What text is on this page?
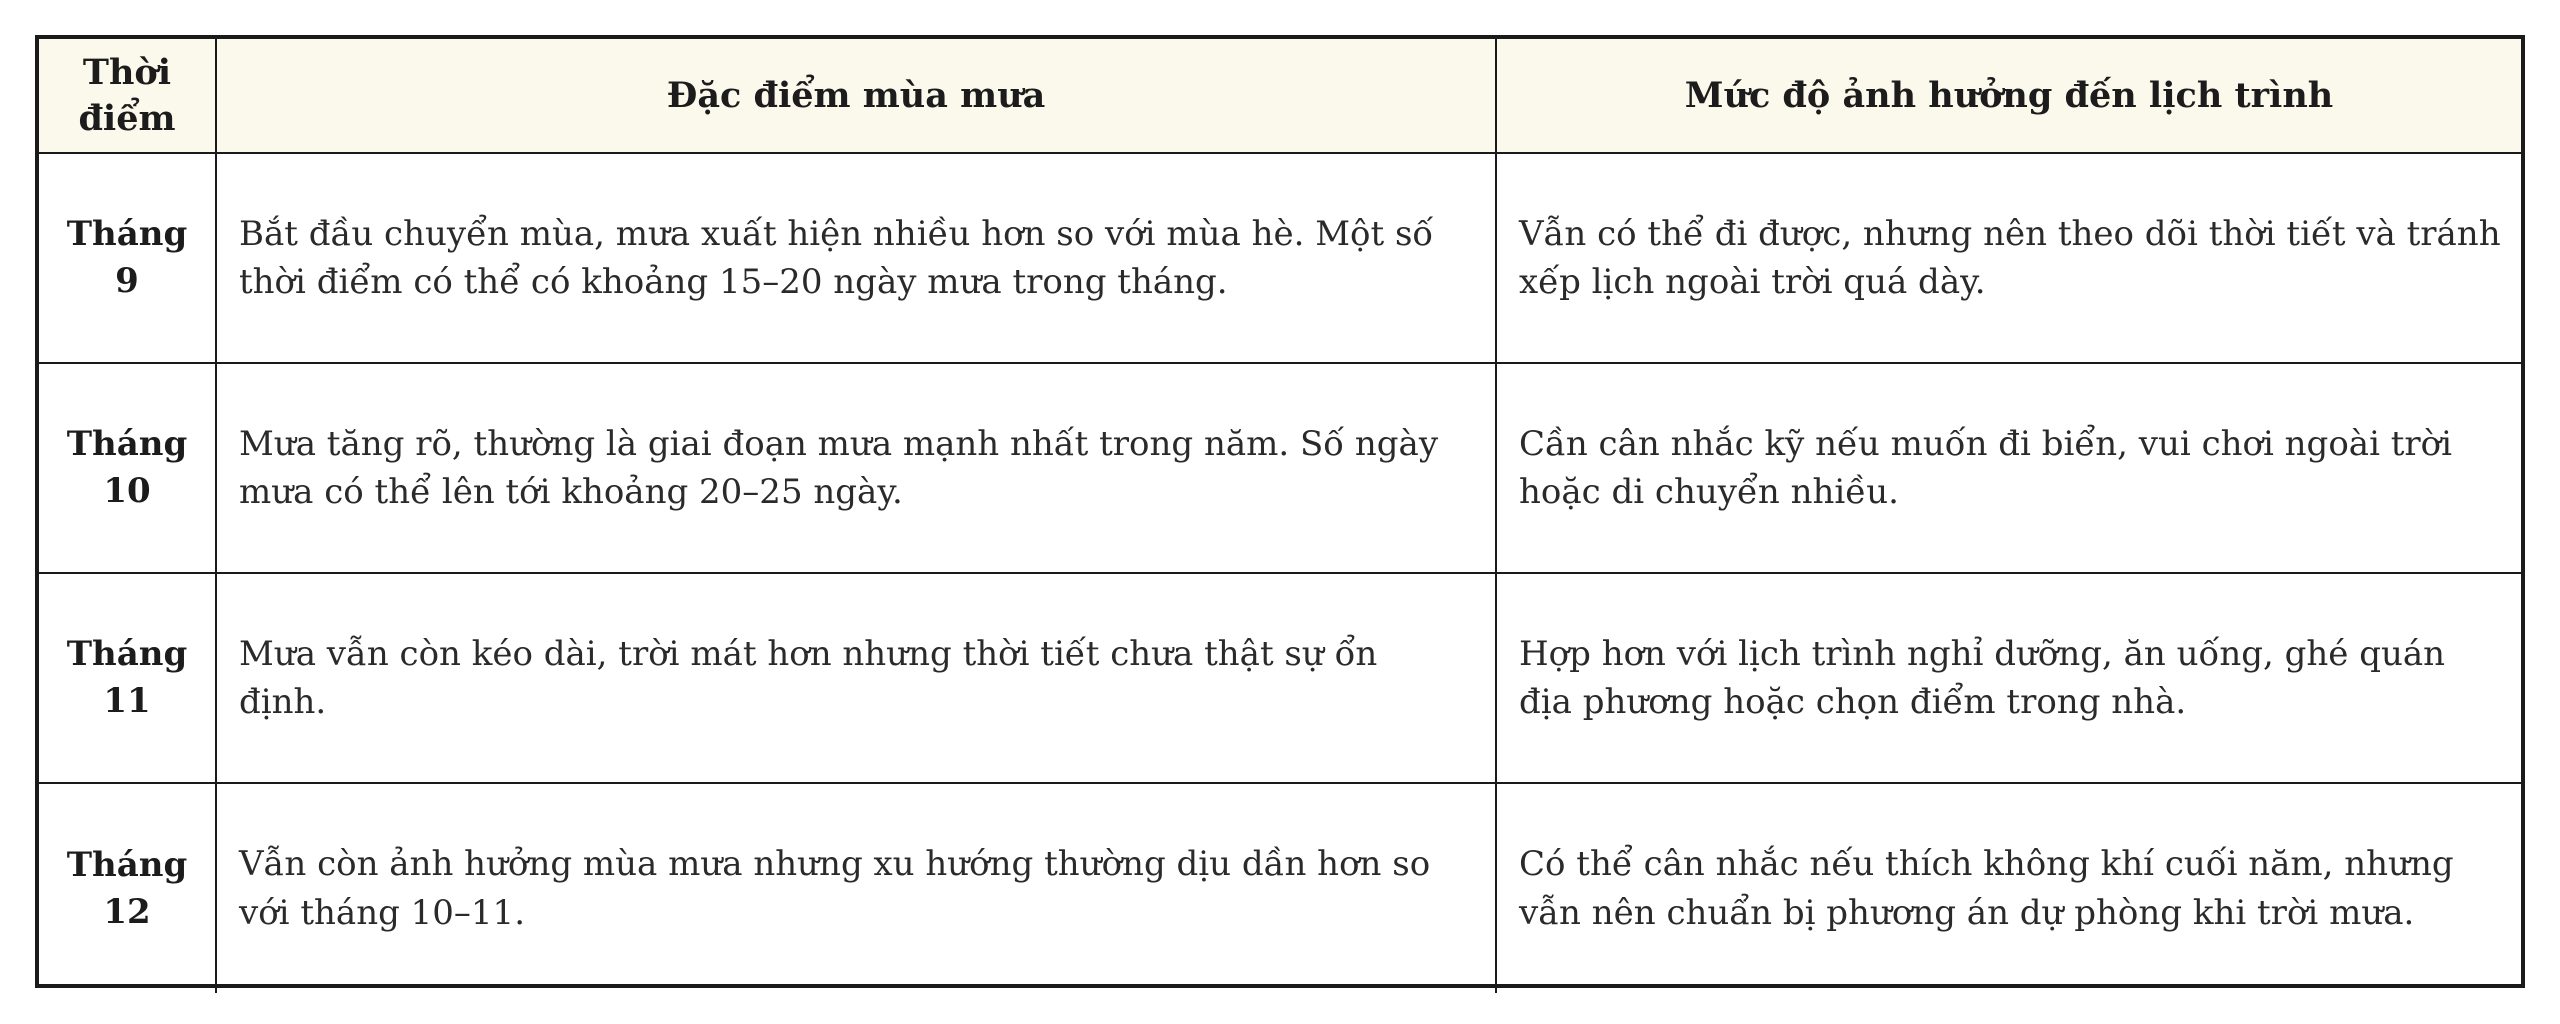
Thời điểm	Đặc điểm mùa mưa	Mức độ ảnh hưởng đến lịch trình
Tháng 9	Bắt đầu chuyển mùa, mưa xuất hiện nhiều hơn so với mùa hè. Một số thời điểm có thể có khoảng 15–20 ngày mưa trong tháng.	Vẫn có thể đi được, nhưng nên theo dõi thời tiết và tránh xếp lịch ngoài trời quá dày.
Tháng 10	Mưa tăng rõ, thường là giai đoạn mưa mạnh nhất trong năm. Số ngày mưa có thể lên tới khoảng 20–25 ngày.	Cần cân nhắc kỹ nếu muốn đi biển, vui chơi ngoài trời hoặc di chuyển nhiều.
Tháng 11	Mưa vẫn còn kéo dài, trời mát hơn nhưng thời tiết chưa thật sự ổn định.	Hợp hơn với lịch trình nghỉ dưỡng, ăn uống, ghé quán địa phương hoặc chọn điểm trong nhà.
Tháng 12	Vẫn còn ảnh hưởng mùa mưa nhưng xu hướng thường dịu dần hơn so với tháng 10–11.	Có thể cân nhắc nếu thích không khí cuối năm, nhưng vẫn nên chuẩn bị phương án dự phòng khi trời mưa.
